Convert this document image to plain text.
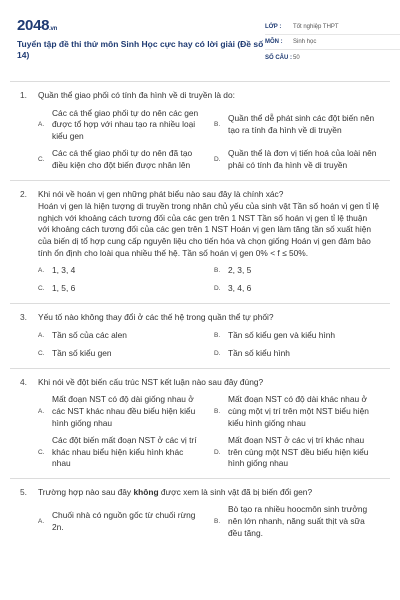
2048.vn
Tuyển tập đề thi thử môn Sinh Học cực hay có lời giải (Đề số 14)
LỚP :	Tốt nghiệp THPT
MÔN :	Sinh học
SỐ CÂU : 50
1.	Quần thể giao phối có tính đa hình về di truyền là do:
A.
Các cá thể giao phối tự do nên các gen được tổ hợp với nhau tạo ra nhiều loại kiểu gen
B.
Quần thể dễ phát sinh các đột biến nên tạo ra tính đa hình về di truyền
C.
Các cá thể giao phối tự do nên đã tạo điều kiện cho đột biến được nhân lên
D.
Quần thể là đơn vị tiến hoá của loài nên phải có tính đa hình về di truyền
2.	Khi nói về hoán vị gen những phát biểu nào sau đây là chính xác?
Hoán vị gen là hiện tượng di truyền trong nhân chủ yếu của sinh vật Tần số hoán vị gen tỉ lệ nghịch với khoảng cách tương đối của các gen trên 1 NST Tần số hoán vị gen tỉ lệ thuận với khoảng cách tương đối của các gen trên 1 NST Hoán vị gen làm tăng tần số xuất hiện của biến dị tổ hợp cung cấp nguyên liệu cho tiến hóa và chọn giống Hoán vị gen đảm bảo tính ổn định cho loài qua nhiều thế hệ. Tần số hoán vị gen 0% < f ≤ 50%.
A. 1, 3, 4	B. 2, 3, 5
C. 1, 5, 6	D. 3, 4, 6
3.	Yếu tố nào không thay đổi ở các thế hệ trong quần thể tự phối?
A. Tần số của các alen	B. Tần số kiểu gen và kiểu hình
C. Tần số kiểu gen	D. Tần số kiểu hình
4.	Khi nói về đột biến cấu trúc NST kết luận nào sau đây đúng?
A.
Mất đoạn NST có độ dài giống nhau ở các NST khác nhau đều biểu hiện kiểu hình giống nhau
B.
Mất đoạn NST có độ dài khác nhau ở cùng một vị trí trên một NST biểu hiện kiểu hình giống nhau
C.
Các đột biến mất đoạn NST ở các vị trí khác nhau biểu hiện kiểu hình khác nhau
D.
Mất đoạn NST ở các vị trí khác nhau trên cùng một NST đều biểu hiện kiểu hình giống nhau
5.	Trường hợp nào sau đây không được xem là sinh vật đã bị biến đổi gen?
A.
Chuối nhà có nguồn gốc từ chuối rừng 2n.
B.
Bò tạo ra nhiều hoocmôn sinh trưởng nên lớn nhanh, năng suất thịt và sữa đều tăng.
